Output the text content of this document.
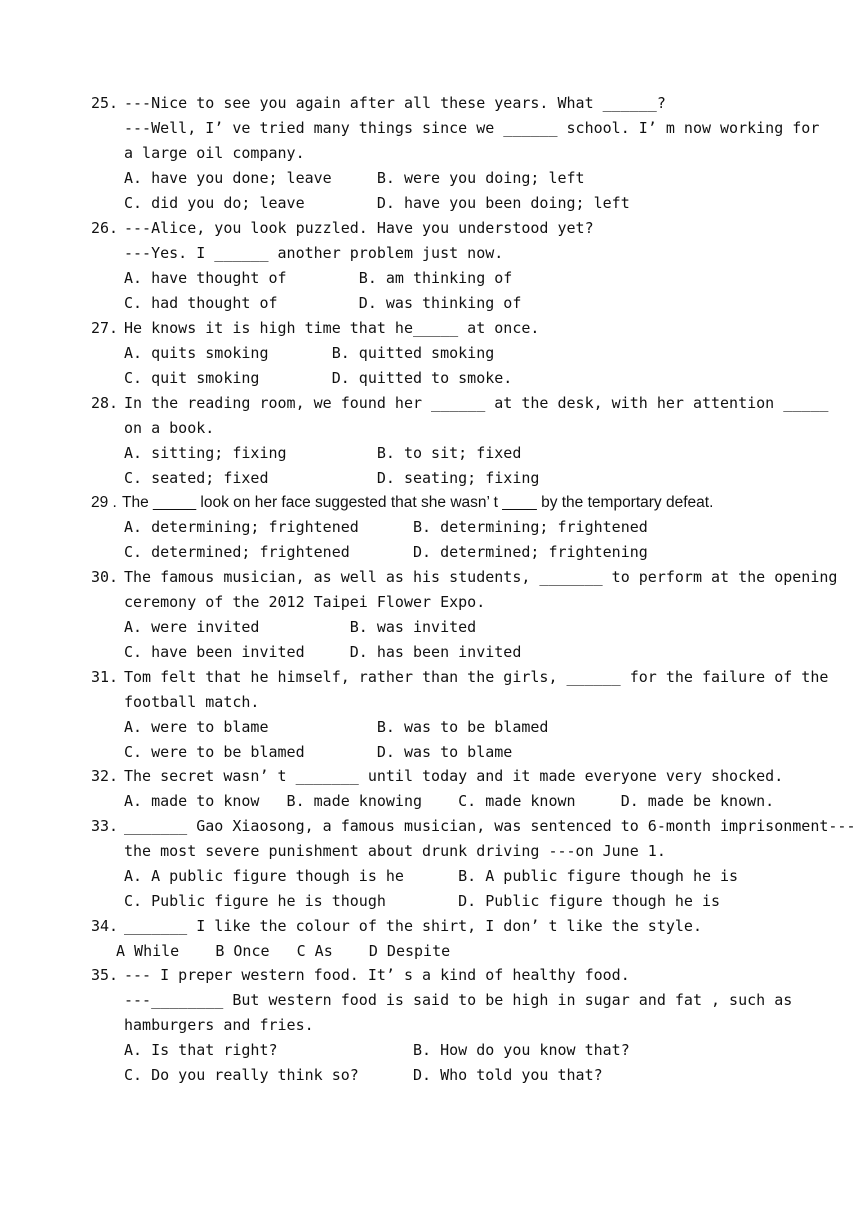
25. ---Nice to see you again after all these years. What ______?
---Well, I’ ve tried many things since we ______ school. I’ m now working for
a large oil company.
A. have you done; leave     B. were you doing; left
C. did you do; leave        D. have you been doing; left
26. ---Alice, you look puzzled. Have you understood yet?
---Yes. I ______ another problem just now.
A. have thought of        B. am thinking of
C. had thought of         D. was thinking of
27. He knows it is high time that he_____ at once.
A. quits smoking       B. quitted smoking
C. quit smoking        D. quitted to smoke.
28. In the reading room, we found her ______ at the desk, with her attention _____
on a book.
A. sitting; fixing          B. to sit; fixed
C. seated; fixed            D. seating; fixing
29 . The _____ look on her face suggested that she wasn’ t ____ by the temportary defeat.
A. determining; frightened      B. determining; frightened
C. determined; frightened       D. determined; frightening
30. The famous musician, as well as his students, _______ to perform at the opening
ceremony of the 2012 Taipei Flower Expo.
A. were invited          B. was invited
C. have been invited     D. has been invited
31. Tom felt that he himself, rather than the girls, ______ for the failure of the
football match.
A. were to blame            B. was to be blamed
C. were to be blamed        D. was to blame
32. The secret wasn’ t _______ until today and it made everyone very shocked.
A. made to know   B. made knowing    C. made known     D. made be known.
33. _______ Gao Xiaosong, a famous musician, was sentenced to 6-month imprisonment---
the most severe punishment about drunk driving ---on June 1.
A. A public figure though is he      B. A public figure though he is
C. Public figure he is though        D. Public figure though he is
34. _______ I like the colour of the shirt, I don’ t like the style.
A While    B Once   C As    D Despite
35. --- I preper western food. It’ s a kind of healthy food.
---________ But western food is said to be high in sugar and fat , such as
hamburgers and fries.
A. Is that right?               B. How do you know that?
C. Do you really think so?      D. Who told you that?
